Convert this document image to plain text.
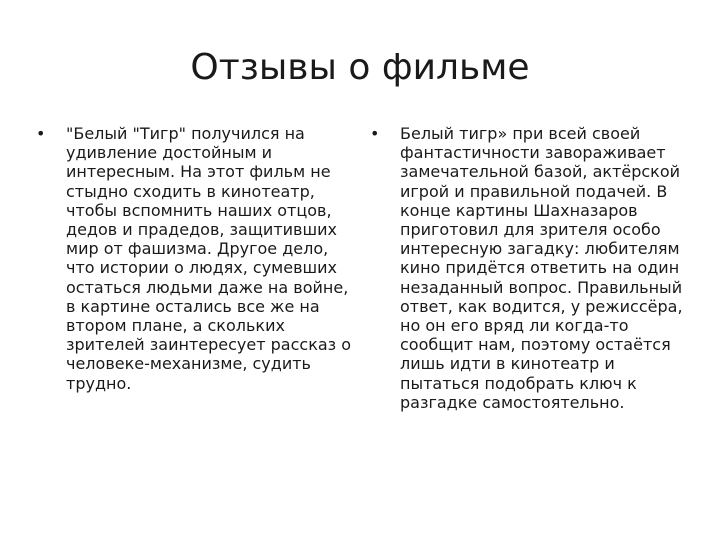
Отзывы о фильме
• "Белый "Тигр" получился на удивление достойным и интересным. На этот фильм не стыдно сходить в кинотеатр, чтобы вспомнить наших отцов, дедов и прадедов, защитивших мир от фашизма. Другое дело, что истории о людях, сумевших остаться людьми даже на войне, в картине остались все же на втором плане, а скольких зрителей заинтересует рассказ о человеке-механизме, судить трудно.
• Белый тигр» при всей своей фантастичности завораживает замечательной базой, актёрской игрой и правильной подачей. В конце картины Шахназаров приготовил для зрителя особо интересную загадку: любителям кино придётся ответить на один незаданный вопрос. Правильный ответ, как водится, у режиссёра, но он его вряд ли когда-то сообщит нам, поэтому остаётся лишь идти в кинотеатр и пытаться подобрать ключ к разгадке самостоятельно.
